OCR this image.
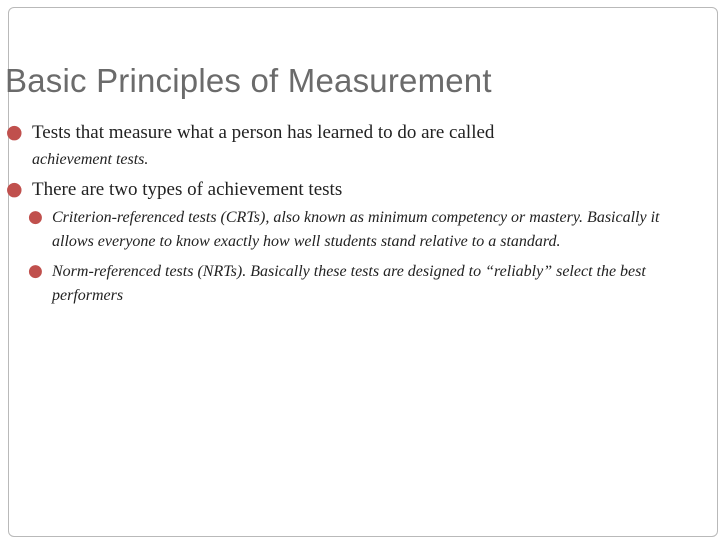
Basic Principles of Measurement
● Tests that measure what a person has learned to do are called
achievement tests.
● There are two types of achievement tests
● Criterion-referenced tests (CRTs), also known as minimum competency or mastery. Basically it allows everyone to know exactly how well students stand relative to a standard.
● Norm-referenced tests (NRTs). Basically these tests are designed to “reliably” select the best performers
